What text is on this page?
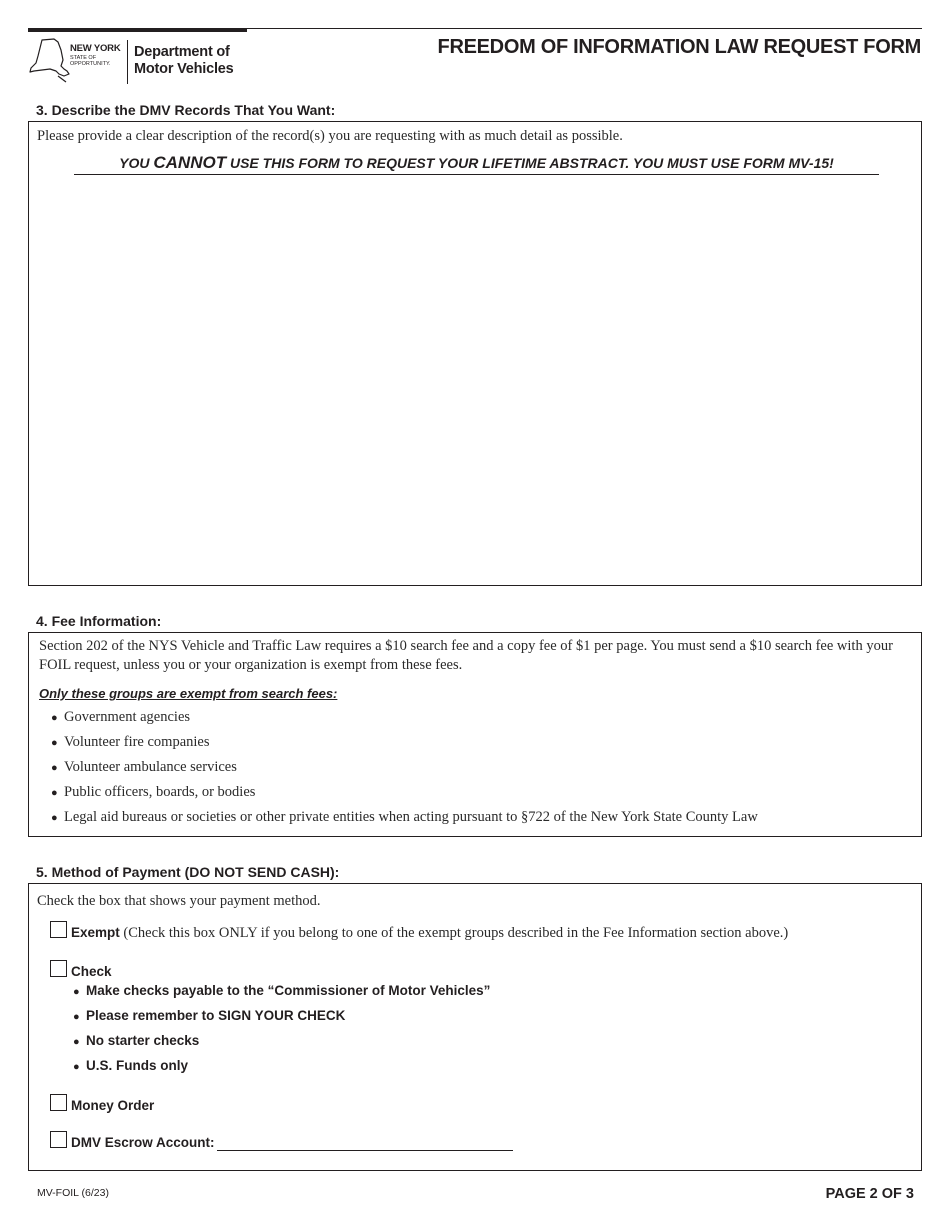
NEW YORK
STATE OF
OPPORTUNITY.
Department of
Motor Vehicles
FREEDOM OF INFORMATION LAW REQUEST FORM
3. Describe the DMV Records That You Want:
Please provide a clear description of the record(s) you are requesting with as much detail as possible.
YOU CANNOT USE THIS FORM TO REQUEST YOUR LIFETIME ABSTRACT. YOU MUST USE FORM MV-15!
4. Fee Information:
Section 202 of the NYS Vehicle and Traffic Law requires a $10 search fee and a copy fee of $1 per page. You must send a $10 search fee with your FOIL request, unless you or your organization is exempt from these fees.
Only these groups are exempt from search fees:
● Government agencies
● Volunteer fire companies
● Volunteer ambulance services
● Public officers, boards, or bodies
● Legal aid bureaus or societies or other private entities when acting pursuant to §722 of the New York State County Law
5. Method of Payment (DO NOT SEND CASH):
Check the box that shows your payment method.
Exempt (Check this box ONLY if you belong to one of the exempt groups described in the Fee Information section above.)
Check
● Make checks payable to the “Commissioner of Motor Vehicles”
● Please remember to SIGN YOUR CHECK
● No starter checks
● U.S. Funds only
Money Order
DMV Escrow Account:
MV-FOIL (6/23)	PAGE 2 OF 3
